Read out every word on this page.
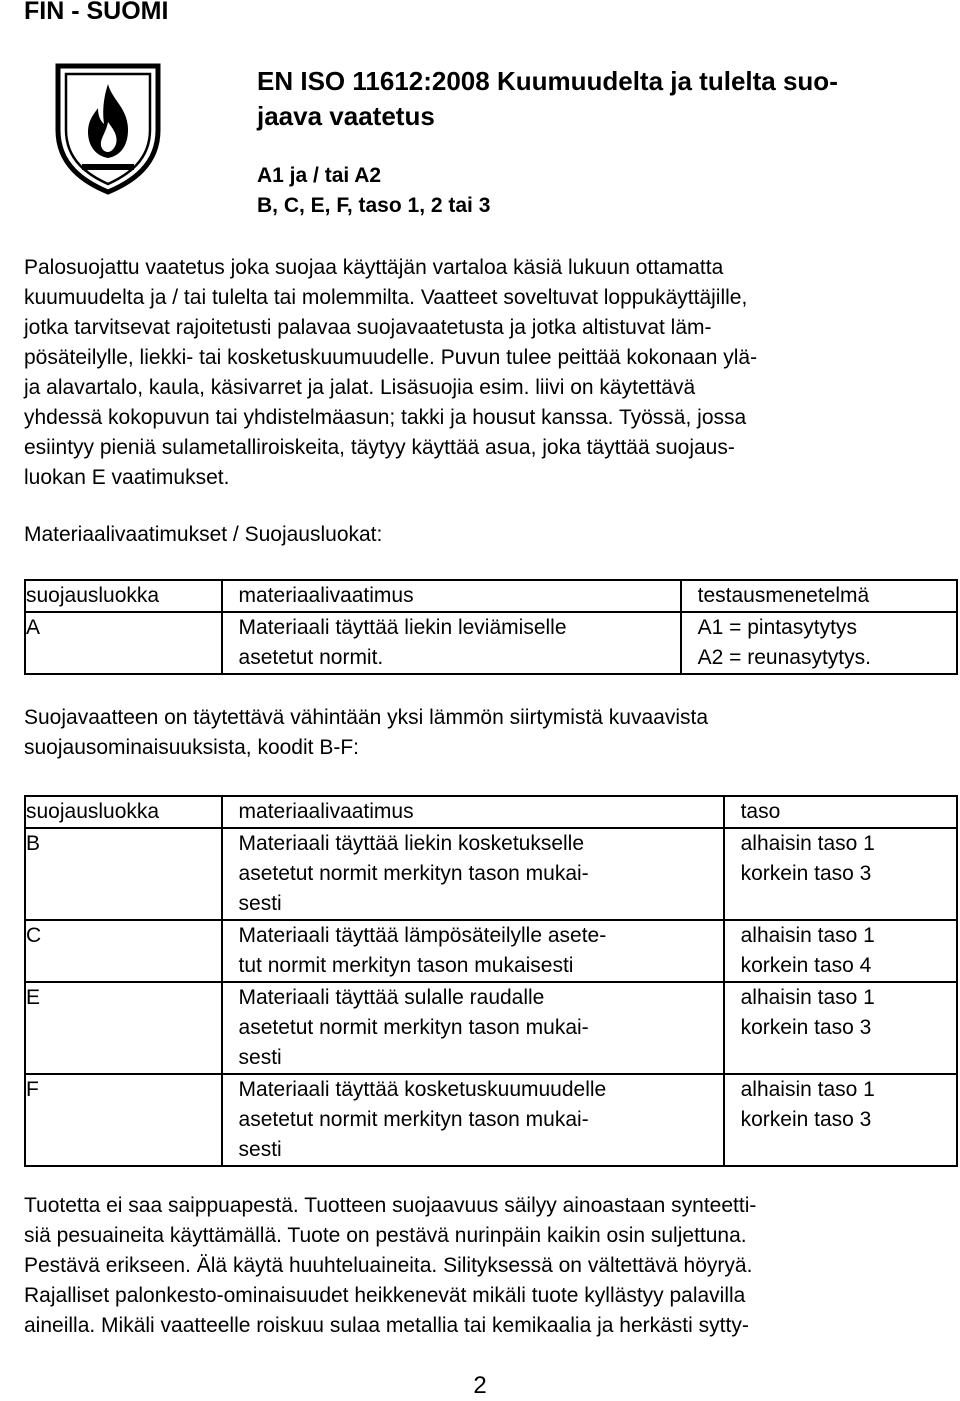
FIN - SUOMI
EN ISO 11612:2008 Kuumuudelta ja tulelta suo-
jaava vaatetus
A1 ja / tai A2
B, C, E, F, taso 1, 2 tai 3
Palosuojattu vaatetus joka suojaa käyttäjän vartaloa käsiä lukuun ottamatta
kuumuudelta ja / tai tulelta tai molemmilta. Vaatteet soveltuvat loppukäyttäjille,
jotka tarvitsevat rajoitetusti palavaa suojavaatetusta ja jotka altistuvat läm-
pösäteilylle, liekki- tai kosketuskuumuudelle. Puvun tulee peittää kokonaan ylä-
ja alavartalo, kaula, käsivarret ja jalat. Lisäsuojia esim. liivi on käytettävä
yhdessä kokopuvun tai yhdistelmäasun; takki ja housut kanssa. Työssä, jossa
esiintyy pieniä sulametalliroiskeita, täytyy käyttää asua, joka täyttää suojaus-
luokan E vaatimukset.
Materiaalivaatimukset / Suojausluokat:
suojausluokka	materiaalivaatimus	testausmenetelmä
A	Materiaali täyttää liekin leviämiselle
asetetut normit.	A1 = pintasytytys
A2 = reunasytytys.
Suojavaatteen on täytettävä vähintään yksi lämmön siirtymistä kuvaavista
suojausominaisuuksista, koodit B-F:
suojausluokka	materiaalivaatimus	taso
B	Materiaali täyttää liekin kosketukselle
asetetut normit merkityn tason mukai-
sesti	alhaisin taso 1
korkein taso 3

C	Materiaali täyttää lämpösäteilylle asete-
tut normit merkityn tason mukaisesti	alhaisin taso 1
korkein taso 4

E	Materiaali täyttää sulalle raudalle
asetetut normit merkityn tason mukai-
sesti	alhaisin taso 1
korkein taso 3

F	Materiaali täyttää kosketuskuumuudelle
asetetut normit merkityn tason mukai-
sesti	alhaisin taso 1
korkein taso 3
Tuotetta ei saa saippuapestä. Tuotteen suojaavuus säilyy ainoastaan synteetti-
siä pesuaineita käyttämällä. Tuote on pestävä nurinpäin kaikin osin suljettuna.
Pestävä erikseen. Älä käytä huuhteluaineita. Silityksessä on vältettävä höyryä.
Rajalliset palonkesto-ominaisuudet heikkenevät mikäli tuote kyllästyy palavilla
aineilla. Mikäli vaatteelle roiskuu sulaa metallia tai kemikaalia ja herkästi sytty-
2
